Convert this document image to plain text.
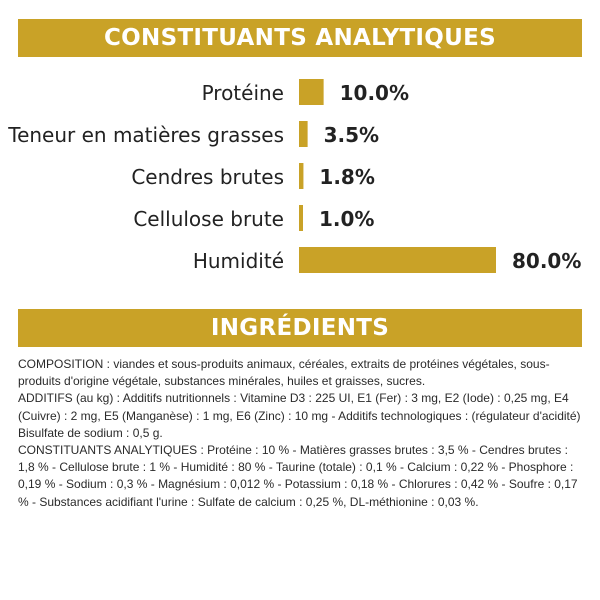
CONSTITUANTS ANALYTIQUES
Protéine	10.0%
Teneur en matières grasses 3.5%
Cendres brutes 1.8%
Cellulose brute 1.0%
Humidité	80.0%
INGRÉDIENTS

COMPOSITION : viandes et sous-produits animaux, céréales, extraits de protéines végétales, sous-produits d'origine végétale, substances minérales, huiles et graisses, sucres.

ADDITIFS (au kg) : Additifs nutritionnels : Vitamine D3 : 225 UI, E1 (Fer) : 3 mg, E2 (Iode) : 0,25 mg, E4 (Cuivre) : 2 mg, E5 (Manganèse) : 1 mg, E6 (Zinc) : 10 mg - Additifs technologiques : (régulateur d'acidité) Bisulfate de sodium : 0,5 g.

CONSTITUANTS ANALYTIQUES : Protéine : 10 % - Matières grasses brutes : 3,5 % - Cendres brutes : 1,8 % - Cellulose brute : 1 % - Humidité : 80 % - Taurine (totale) : 0,1 % - Calcium : 0,22 % - Phosphore : 0,19 % - Sodium : 0,3 % - Magnésium : 0,012 % - Potassium : 0,18 % - Chlorures : 0,42 % - Soufre : 0,17 % - Substances acidifiant l'urine : Sulfate de calcium : 0,25 %, DL-méthionine : 0,03 %.
